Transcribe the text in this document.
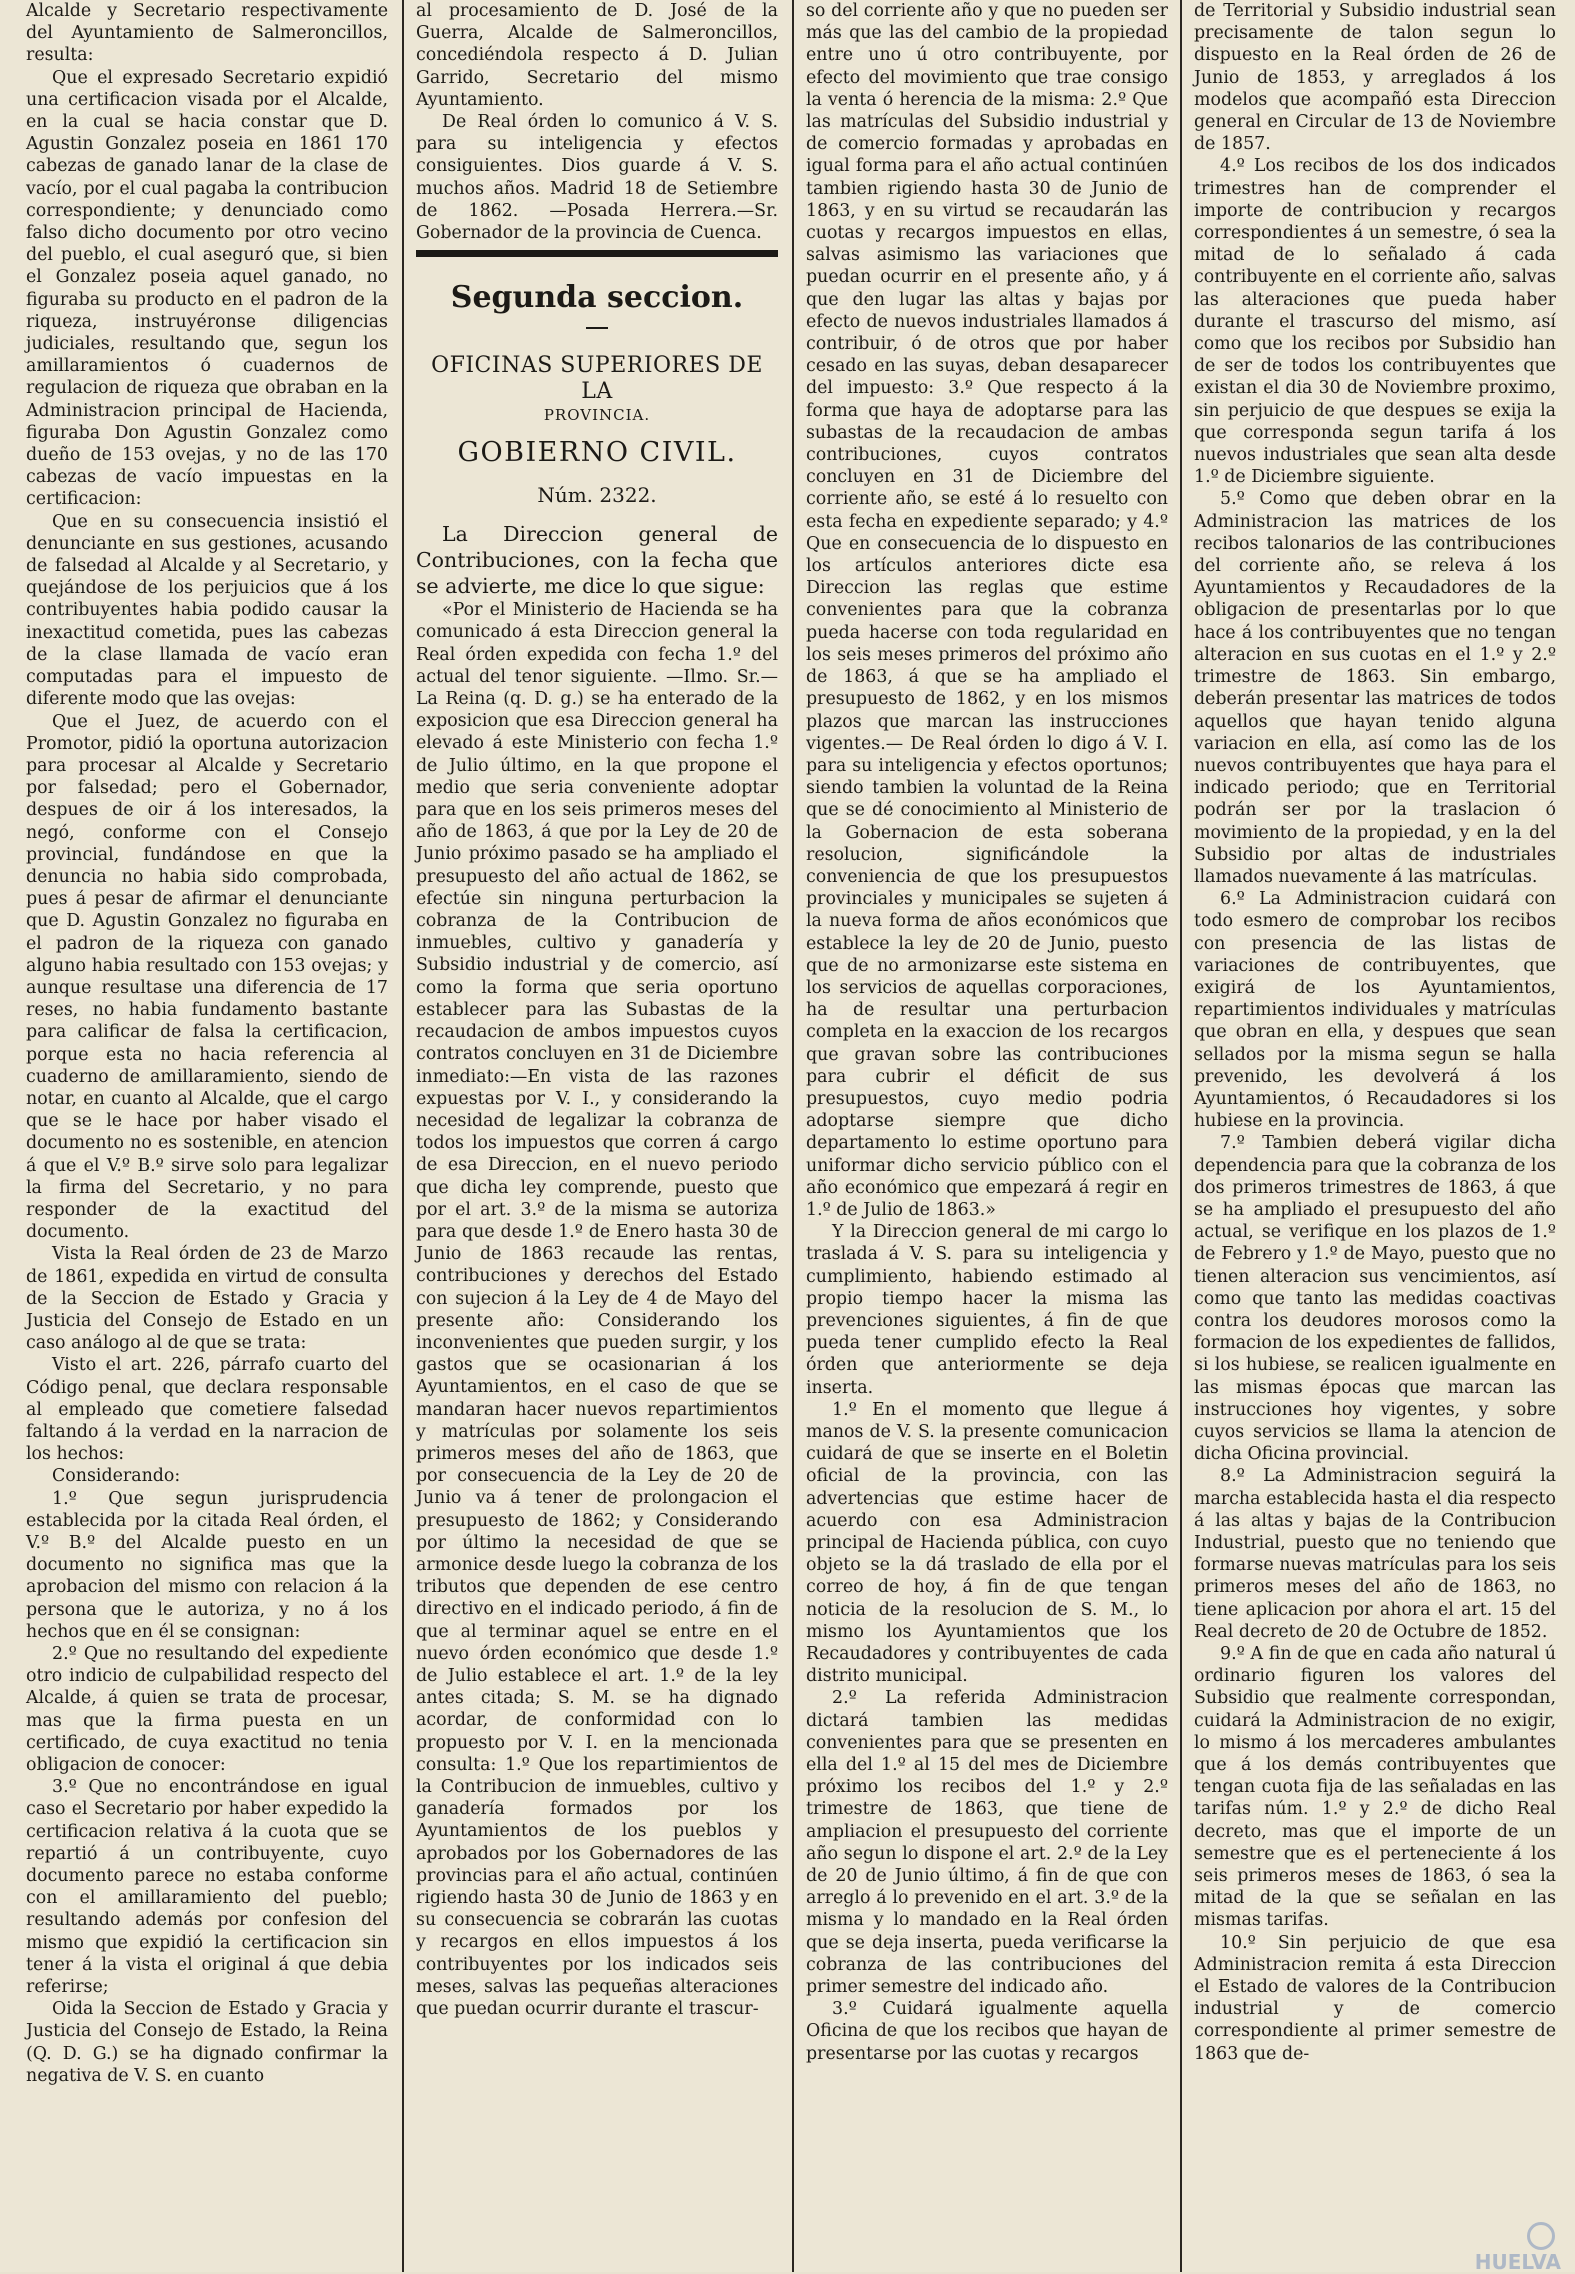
Alcalde y Secretario respectivamente del Ayuntamiento de Salmeroncillos, resulta:

Que el expresado Secretario expidió una certificacion visada por el Alcalde, en la cual se hacia constar que D. Agustin Gonzalez poseia en 1861 170 cabezas de ganado lanar de la clase de vacío, por el cual pagaba la contribucion correspondiente; y denunciado como falso dicho documento por otro vecino del pueblo, el cual aseguró que, si bien el Gonzalez poseia aquel ganado, no figuraba su producto en el padron de la riqueza, instruyéronse diligencias judiciales, resultando que, segun los amillaramientos ó cuadernos de regulacion de riqueza que obraban en la Administracion principal de Hacienda, figuraba Don Agustin Gonzalez como dueño de 153 ovejas, y no de las 170 cabezas de vacío impuestas en la certificacion:

Que en su consecuencia insistió el denunciante en sus gestiones, acusando de falsedad al Alcalde y al Secretario, y quejándose de los perjuicios que á los contribuyentes habia podido causar la inexactitud cometida, pues las cabezas de la clase llamada de vacío eran computadas para el impuesto de diferente modo que las ovejas:

Que el Juez, de acuerdo con el Promotor, pidió la oportuna autorizacion para procesar al Alcalde y Secretario por falsedad; pero el Gobernador, despues de oir á los interesados, la negó, conforme con el Consejo provincial, fundándose en que la denuncia no habia sido comprobada, pues á pesar de afirmar el denunciante que D. Agustin Gonzalez no figuraba en el padron de la riqueza con ganado alguno habia resultado con 153 ovejas; y aunque resultase una diferencia de 17 reses, no habia fundamento bastante para calificar de falsa la certificacion, porque esta no hacia referencia al cuaderno de amillaramiento, siendo de notar, en cuanto al Alcalde, que el cargo que se le hace por haber visado el documento no es sostenible, en atencion á que el V.º B.º sirve solo para legalizar la firma del Secretario, y no para responder de la exactitud del documento.

Vista la Real órden de 23 de Marzo de 1861, expedida en virtud de consulta de la Seccion de Estado y Gracia y Justicia del Consejo de Estado en un caso análogo al de que se trata:

Visto el art. 226, párrafo cuarto del Código penal, que declara responsable al empleado que cometiere falsedad faltando á la verdad en la narracion de los hechos:

Considerando:

1.º Que segun jurisprudencia establecida por la citada Real órden, el V.º B.º del Alcalde puesto en un documento no significa mas que la aprobacion del mismo con relacion á la persona que le autoriza, y no á los hechos que en él se consignan:

2.º Que no resultando del expediente otro indicio de culpabilidad respecto del Alcalde, á quien se trata de procesar, mas que la firma puesta en un certificado, de cuya exactitud no tenia obligacion de conocer:

3.º Que no encontrándose en igual caso el Secretario por haber expedido la certificacion relativa á la cuota que se repartió á un contribuyente, cuyo documento parece no estaba conforme con el amillaramiento del pueblo; resultando además por confesion del mismo que expidió la certificacion sin tener á la vista el original á que debia referirse;

Oida la Seccion de Estado y Gracia y Justicia del Consejo de Estado, la Reina (Q. D. G.) se ha dignado confirmar la negativa de V. S. en cuanto

al procesamiento de D. José de la Guerra, Alcalde de Salmeroncillos, concediéndola respecto á D. Julian Garrido, Secretario del mismo Ayuntamiento.

De Real órden lo comunico á V. S. para su inteligencia y efectos consiguientes. Dios guarde á V. S. muchos años. Madrid 18 de Setiembre de 1862. —Posada Herrera.—Sr. Gobernador de la provincia de Cuenca.

Segunda seccion.

OFICINAS SUPERIORES DE LA

PROVINCIA.

GOBIERNO CIVIL.

Núm. 2322.

La Direccion general de Contribuciones, con la fecha que se advierte, me dice lo que sigue:

«Por el Ministerio de Hacienda se ha comunicado á esta Direccion general la Real órden expedida con fecha 1.º del actual del tenor siguiente. —Ilmo. Sr.—La Reina (q. D. g.) se ha enterado de la exposicion que esa Direccion general ha elevado á este Ministerio con fecha 1.º de Julio último, en la que propone el medio que seria conveniente adoptar para que en los seis primeros meses del año de 1863, á que por la Ley de 20 de Junio próximo pasado se ha ampliado el presupuesto del año actual de 1862, se efectúe sin ninguna perturbacion la cobranza de la Contribucion de inmuebles, cultivo y ganadería y Subsidio industrial y de comercio, así como la forma que seria oportuno establecer para las Subastas de la recaudacion de ambos impuestos cuyos contratos concluyen en 31 de Diciembre inmediato:—En vista de las razones expuestas por V. I., y considerando la necesidad de legalizar la cobranza de todos los impuestos que corren á cargo de esa Direccion, en el nuevo periodo que dicha ley comprende, puesto que por el art. 3.º de la misma se autoriza para que desde 1.º de Enero hasta 30 de Junio de 1863 recaude las rentas, contribuciones y derechos del Estado con sujecion á la Ley de 4 de Mayo del presente año: Considerando los inconvenientes que pueden surgir, y los gastos que se ocasionarian á los Ayuntamientos, en el caso de que se mandaran hacer nuevos repartimientos y matrículas por solamente los seis primeros meses del año de 1863, que por consecuencia de la Ley de 20 de Junio va á tener de prolongacion el presupuesto de 1862; y Considerando por último la necesidad de que se armonice desde luego la cobranza de los tributos que dependen de ese centro directivo en el indicado periodo, á fin de que al terminar aquel se entre en el nuevo órden económico que desde 1.º de Julio establece el art. 1.º de la ley antes citada; S. M. se ha dignado acordar, de conformidad con lo propuesto por V. I. en la mencionada consulta: 1.º Que los repartimientos de la Contribucion de inmuebles, cultivo y ganadería formados por los Ayuntamientos de los pueblos y aprobados por los Gobernadores de las provincias para el año actual, continúen rigiendo hasta 30 de Junio de 1863 y en su consecuencia se cobrarán las cuotas y recargos en ellos impuestos á los contribuyentes por los indicados seis meses, salvas las pequeñas alteraciones que puedan ocurrir durante el trascur-

so del corriente año y que no pueden ser más que las del cambio de la propiedad entre uno ú otro contribuyente, por efecto del movimiento que trae consigo la venta ó herencia de la misma: 2.º Que las matrículas del Subsidio industrial y de comercio formadas y aprobadas en igual forma para el año actual continúen tambien rigiendo hasta 30 de Junio de 1863, y en su virtud se recaudarán las cuotas y recargos impuestos en ellas, salvas asimismo las variaciones que puedan ocurrir en el presente año, y á que den lugar las altas y bajas por efecto de nuevos industriales llamados á contribuir, ó de otros que por haber cesado en las suyas, deban desaparecer del impuesto: 3.º Que respecto á la forma que haya de adoptarse para las subastas de la recaudacion de ambas contribuciones, cuyos contratos concluyen en 31 de Diciembre del corriente año, se esté á lo resuelto con esta fecha en expediente separado; y 4.º Que en consecuencia de lo dispuesto en los artículos anteriores dicte esa Direccion las reglas que estime convenientes para que la cobranza pueda hacerse con toda regularidad en los seis meses primeros del próximo año de 1863, á que se ha ampliado el presupuesto de 1862, y en los mismos plazos que marcan las instrucciones vigentes.— De Real órden lo digo á V. I. para su inteligencia y efectos oportunos; siendo tambien la voluntad de la Reina que se dé conocimiento al Ministerio de la Gobernacion de esta soberana resolucion, significándole la conveniencia de que los presupuestos provinciales y municipales se sujeten á la nueva forma de años económicos que establece la ley de 20 de Junio, puesto que de no armonizarse este sistema en los servicios de aquellas corporaciones, ha de resultar una perturbacion completa en la exaccion de los recargos que gravan sobre las contribuciones para cubrir el déficit de sus presupuestos, cuyo medio podria adoptarse siempre que dicho departamento lo estime oportuno para uniformar dicho servicio público con el año económico que empezará á regir en 1.º de Julio de 1863.»

Y la Direccion general de mi cargo lo traslada á V. S. para su inteligencia y cumplimiento, habiendo estimado al propio tiempo hacer la misma las prevenciones siguientes, á fin de que pueda tener cumplido efecto la Real órden que anteriormente se deja inserta.

1.º En el momento que llegue á manos de V. S. la presente comunicacion cuidará de que se inserte en el Boletin oficial de la provincia, con las advertencias que estime hacer de acuerdo con esa Administracion principal de Hacienda pública, con cuyo objeto se la dá traslado de ella por el correo de hoy, á fin de que tengan noticia de la resolucion de S. M., lo mismo los Ayuntamientos que los Recaudadores y contribuyentes de cada distrito municipal.

2.º La referida Administracion dictará tambien las medidas convenientes para que se presenten en ella del 1.º al 15 del mes de Diciembre próximo los recibos del 1.º y 2.º trimestre de 1863, que tiene de ampliacion el presupuesto del corriente año segun lo dispone el art. 2.º de la Ley de 20 de Junio último, á fin de que con arreglo á lo prevenido en el art. 3.º de la misma y lo mandado en la Real órden que se deja inserta, pueda verificarse la cobranza de las contribuciones del primer semestre del indicado año.

3.º Cuidará igualmente aquella Oficina de que los recibos que hayan de presentarse por las cuotas y recargos

de Territorial y Subsidio industrial sean precisamente de talon segun lo dispuesto en la Real órden de 26 de Junio de 1853, y arreglados á los modelos que acompañó esta Direccion general en Circular de 13 de Noviembre de 1857.

4.º Los recibos de los dos indicados trimestres han de comprender el importe de contribucion y recargos correspondientes á un semestre, ó sea la mitad de lo señalado á cada contribuyente en el corriente año, salvas las alteraciones que pueda haber durante el trascurso del mismo, así como que los recibos por Subsidio han de ser de todos los contribuyentes que existan el dia 30 de Noviembre proximo, sin perjuicio de que despues se exija la que corresponda segun tarifa á los nuevos industriales que sean alta desde 1.º de Diciembre siguiente.

5.º Como que deben obrar en la Administracion las matrices de los recibos talonarios de las contribuciones del corriente año, se releva á los Ayuntamientos y Recaudadores de la obligacion de presentarlas por lo que hace á los contribuyentes que no tengan alteracion en sus cuotas en el 1.º y 2.º trimestre de 1863. Sin embargo, deberán presentar las matrices de todos aquellos que hayan tenido alguna variacion en ella, así como las de los nuevos contribuyentes que haya para el indicado periodo; que en Territorial podrán ser por la traslacion ó movimiento de la propiedad, y en la del Subsidio por altas de industriales llamados nuevamente á las matrículas.

6.º La Administracion cuidará con todo esmero de comprobar los recibos con presencia de las listas de variaciones de contribuyentes, que exigirá de los Ayuntamientos, repartimientos individuales y matrículas que obran en ella, y despues que sean sellados por la misma segun se halla prevenido, les devolverá á los Ayuntamientos, ó Recaudadores si los hubiese en la provincia.

7.º Tambien deberá vigilar dicha dependencia para que la cobranza de los dos primeros trimestres de 1863, á que se ha ampliado el presupuesto del año actual, se verifique en los plazos de 1.º de Febrero y 1.º de Mayo, puesto que no tienen alteracion sus vencimientos, así como que tanto las medidas coactivas contra los deudores morosos como la formacion de los expedientes de fallidos, si los hubiese, se realicen igualmente en las mismas épocas que marcan las instrucciones hoy vigentes, y sobre cuyos servicios se llama la atencion de dicha Oficina provincial.

8.º La Administracion seguirá la marcha establecida hasta el dia respecto á las altas y bajas de la Contribucion Industrial, puesto que no teniendo que formarse nuevas matrículas para los seis primeros meses del año de 1863, no tiene aplicacion por ahora el art. 15 del Real decreto de 20 de Octubre de 1852.

9.º A fin de que en cada año natural ú ordinario figuren los valores del Subsidio que realmente correspondan, cuidará la Administracion de no exigir, lo mismo á los mercaderes ambulantes que á los demás contribuyentes que tengan cuota fija de las señaladas en las tarifas núm. 1.º y 2.º de dicho Real decreto, mas que el importe de un semestre que es el perteneciente á los seis primeros meses de 1863, ó sea la mitad de la que se señalan en las mismas tarifas.

10.º Sin perjuicio de que esa Administracion remita á esta Direccion el Estado de valores de la Contribucion industrial y de comercio correspondiente al primer semestre de 1863 que de-

HUELVA
